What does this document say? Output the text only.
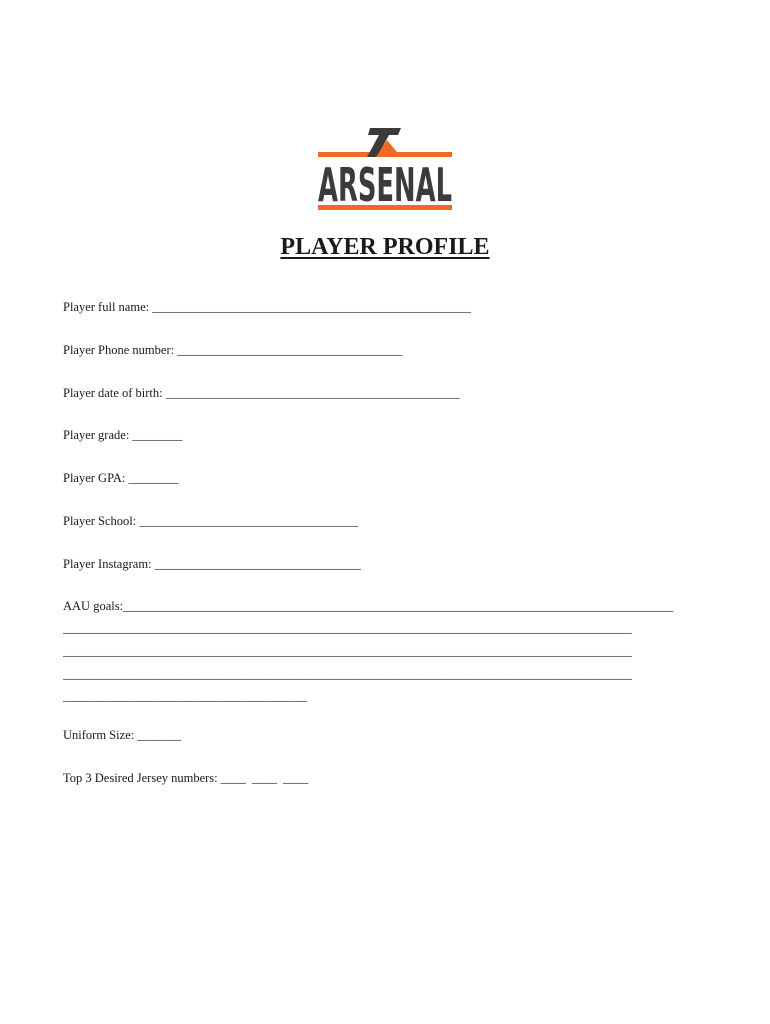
ARSENAL
PLAYER PROFILE
Player full name: ___________________________________________________
Player Phone number: ____________________________________
Player date of birth: _______________________________________________
Player grade: ________
Player GPA: ________
Player School: ___________________________________
Player Instagram: _________________________________
AAU goals:________________________________________________________________________________________
___________________________________________________________________________________________
___________________________________________________________________________________________
___________________________________________________________________________________________
_______________________________________
Uniform Size: _______
Top 3 Desired Jersey numbers: ____  ____  ____
